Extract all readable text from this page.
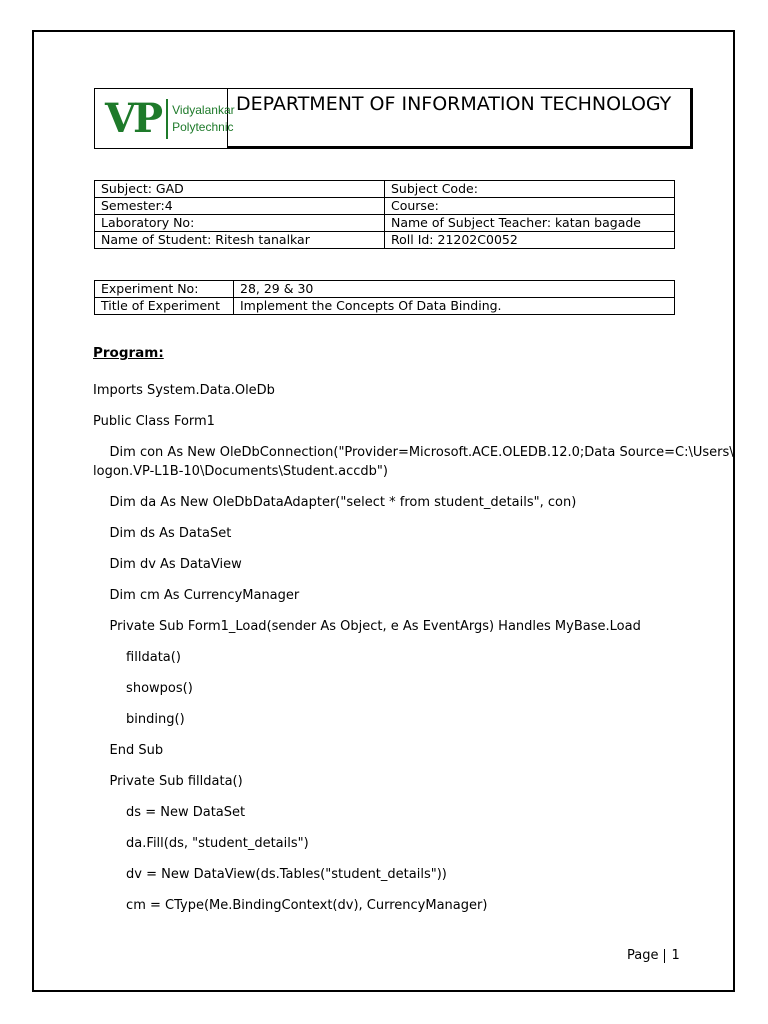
VP Vidyalankar
Polytechnic
DEPARTMENT OF INFORMATION TECHNOLOGY
Subject: GAD	Subject Code:
Semester:4	Course:
Laboratory No:	Name of Subject Teacher: katan bagade
Name of Student: Ritesh tanalkar	Roll Id: 21202C0052
Experiment No:	28, 29 & 30
Title of Experiment	Implement the Concepts Of Data Binding.
Program:
Imports System.Data.OleDb
Public Class Form1
Dim con As New OleDbConnection("Provider=Microsoft.ACE.OLEDB.12.0;Data Source=C:\Users\
logon.VP-L1B-10\Documents\Student.accdb")
Dim da As New OleDbDataAdapter("select * from student_details", con)
Dim ds As DataSet
Dim dv As DataView
Dim cm As CurrencyManager
Private Sub Form1_Load(sender As Object, e As EventArgs) Handles MyBase.Load
filldata()
showpos()
binding()
End Sub
Private Sub filldata()
ds = New DataSet
da.Fill(ds, "student_details")
dv = New DataView(ds.Tables("student_details"))
cm = CType(Me.BindingContext(dv), CurrencyManager)
Page 1
